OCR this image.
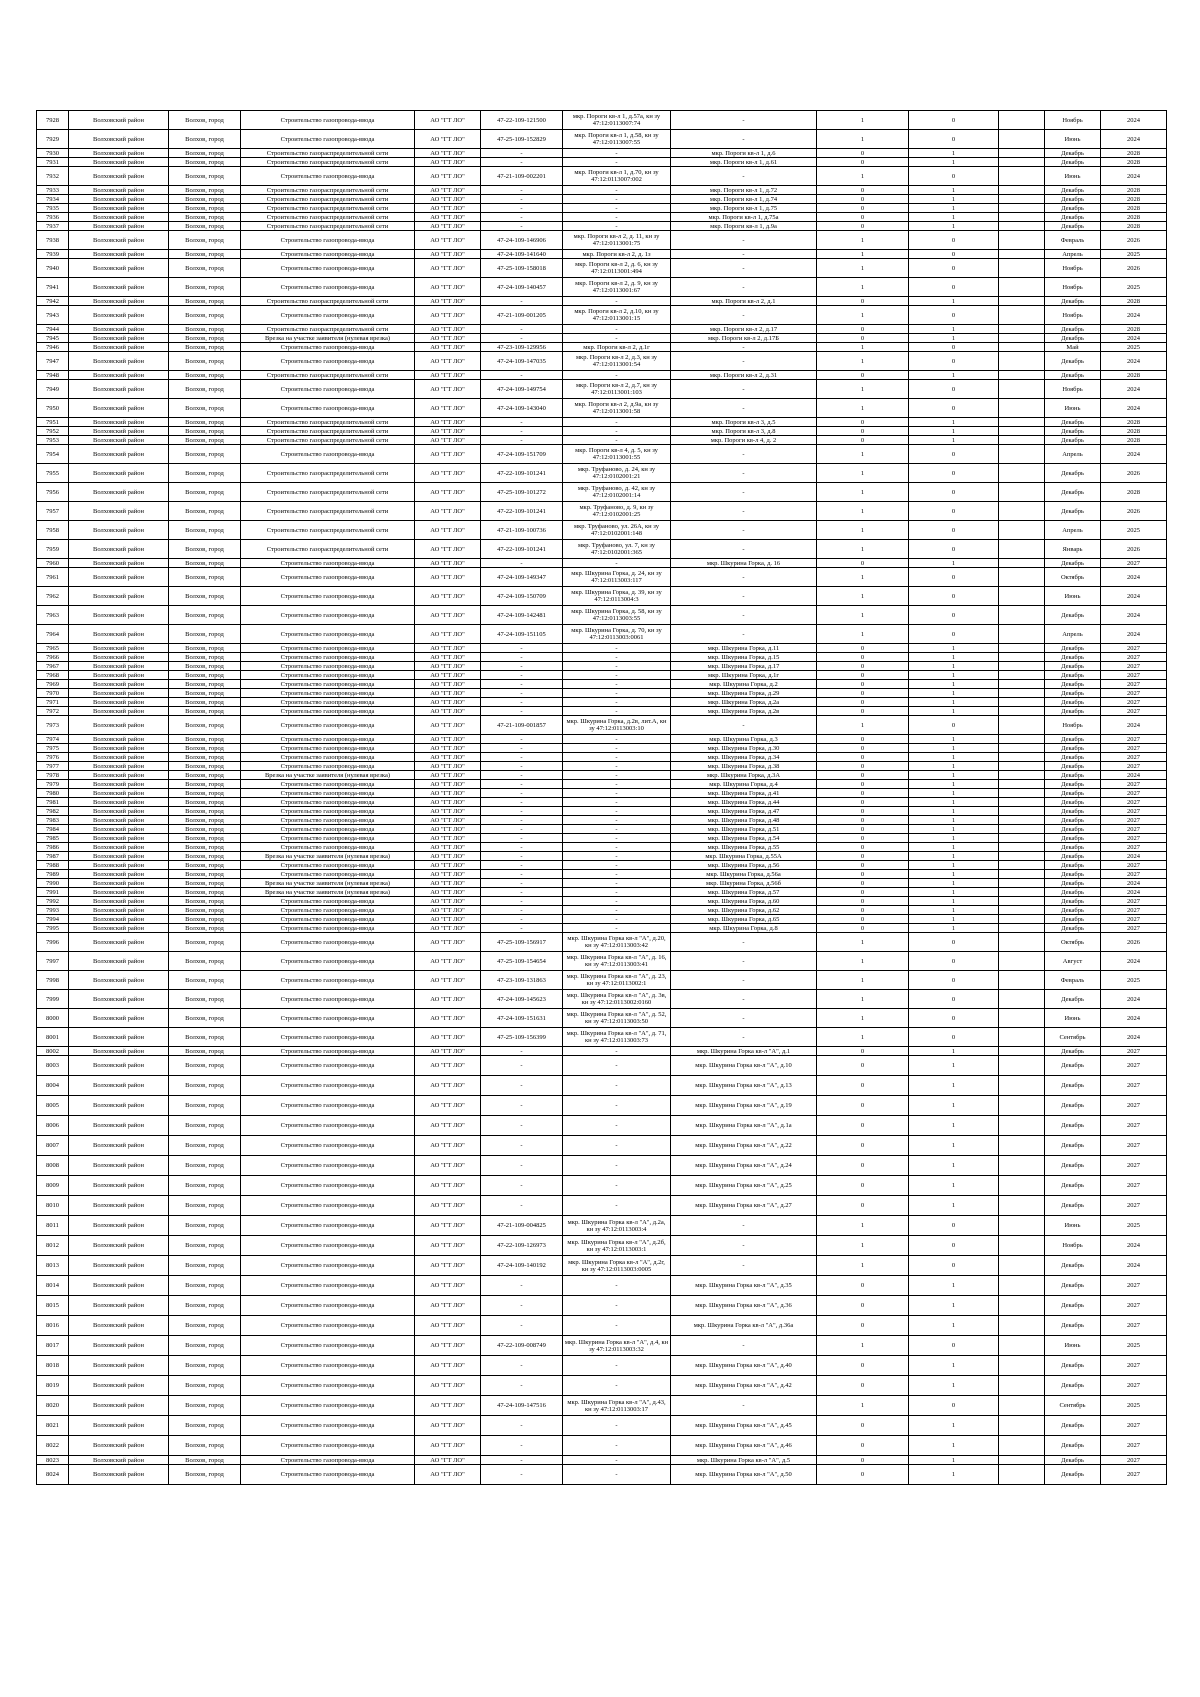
7928	Волховский район	Волхов, город	Строительство газопровода-ввода	АО "ГТ ЛО"	47-22-109-121500	мкр. Пороги кв-л 1, д.57а, кн зу 47:12:0113007:74	-	1	0		Ноябрь	2024
7929	Волховский район	Волхов, город	Строительство газопровода-ввода	АО "ГТ ЛО"	47-25-109-152829	мкр. Пороги кв-л 1, д.58, кн зу 47:12:0113007:55	-	1	0		Июнь	2024
7930	Волховский район	Волхов, город	Строительство газораспределительной сети	АО "ГТ ЛО"	-	-	мкр. Пороги кв-л 1, д.6	0	1		Декабрь	2028
7931	Волховский район	Волхов, город	Строительство газораспределительной сети	АО "ГТ ЛО"	-	-	мкр. Пороги кв-л 1, д.61	0	1		Декабрь	2028
7932	Волховский район	Волхов, город	Строительство газопровода-ввода	АО "ГТ ЛО"	47-21-109-002201	мкр. Пороги кв-л 1, д.70, кн зу 47:12:0113007:002	-	1	0		Июнь	2024
7933	Волховский район	Волхов, город	Строительство газораспределительной сети	АО "ГТ ЛО"	-	-	мкр. Пороги кв-л 1, д.72	0	1		Декабрь	2028
7934	Волховский район	Волхов, город	Строительство газораспределительной сети	АО "ГТ ЛО"	-	-	мкр. Пороги кв-л 1, д.74	0	1		Декабрь	2028
7935	Волховский район	Волхов, город	Строительство газораспределительной сети	АО "ГТ ЛО"	-	-	мкр. Пороги кв-л 1, д.75	0	1		Декабрь	2028
7936	Волховский район	Волхов, город	Строительство газораспределительной сети	АО "ГТ ЛО"	-	-	мкр. Пороги кв-л 1, д.75а	0	1		Декабрь	2028
7937	Волховский район	Волхов, город	Строительство газораспределительной сети	АО "ГТ ЛО"	-	-	мкр. Пороги кв-л 1, д.9а	0	1		Декабрь	2028
7938	Волховский район	Волхов, город	Строительство газопровода-ввода	АО "ГТ ЛО"	47-24-109-146906	мкр. Пороги кв-л 2, д. 11, кн зу 47:12:0113001:75	-	1	0		Февраль	2026
7939	Волховский район	Волхов, город	Строительство газопровода-ввода	АО "ГТ ЛО"	47-24-109-141640	мкр. Пороги кв-л 2, д. 1з	-	1	0		Апрель	2025
7940	Волховский район	Волхов, город	Строительство газопровода-ввода	АО "ГТ ЛО"	47-25-109-158018	мкр. Пороги кв-л 2, д. 6, кн зу 47:12:0113001:494	-	1	0		Ноябрь	2026
7941	Волховский район	Волхов, город	Строительство газопровода-ввода	АО "ГТ ЛО"	47-24-109-140457	мкр. Пороги кв-л 2, д. 9, кн зу 47:12:0113001:67	-	1	0		Ноябрь	2025
7942	Волховский район	Волхов, город	Строительство газораспределительной сети	АО "ГТ ЛО"	-	-	мкр. Пороги кв-л 2, д.1	0	1		Декабрь	2028
7943	Волховский район	Волхов, город	Строительство газопровода-ввода	АО "ГТ ЛО"	47-21-109-001205	мкр. Пороги кв-л 2, д.10, кн зу 47:12:0113001:15	-	1	0		Ноябрь	2024
7944	Волховский район	Волхов, город	Строительство газораспределительной сети	АО "ГТ ЛО"	-	-	мкр. Пороги кв-л 2, д.17	0	1		Декабрь	2028
7945	Волховский район	Волхов, город	Врезка на участке заявителя (нулевая врезка)	АО "ГТ ЛО"	-	-	мкр. Пороги кв-л 2, д.17Б	0	1		Декабрь	2024
7946	Волховский район	Волхов, город	Строительство газопровода-ввода	АО "ГТ ЛО"	47-23-109-129956	мкр. Пороги кв-л 2, д.1г	-	1	0		Май	2025
7947	Волховский район	Волхов, город	Строительство газопровода-ввода	АО "ГТ ЛО"	47-24-109-147035	мкр. Пороги кв-л 2, д.3, кн зу 47:12:0113001:54	-	1	0		Декабрь	2024
7948	Волховский район	Волхов, город	Строительство газораспределительной сети	АО "ГТ ЛО"	-	-	мкр. Пороги кв-л 2, д.31	0	1		Декабрь	2028
7949	Волховский район	Волхов, город	Строительство газопровода-ввода	АО "ГТ ЛО"	47-24-109-149754	мкр. Пороги кв-л 2, д.7, кн зу 47:12:0113001:103	-	1	0		Ноябрь	2024
7950	Волховский район	Волхов, город	Строительство газопровода-ввода	АО "ГТ ЛО"	47-24-109-143040	мкр. Пороги кв-л 2, д.9а, кн зу 47:12:0113001:58	-	1	0		Июнь	2024
7951	Волховский район	Волхов, город	Строительство газораспределительной сети	АО "ГТ ЛО"	-	-	мкр. Пороги кв-л 3, д.5	0	1		Декабрь	2028
7952	Волховский район	Волхов, город	Строительство газораспределительной сети	АО "ГТ ЛО"	-	-	мкр. Пороги кв-л 3, д.8	0	1		Декабрь	2028
7953	Волховский район	Волхов, город	Строительство газораспределительной сети	АО "ГТ ЛО"	-	-	мкр. Пороги кв-л 4, д. 2	0	1		Декабрь	2028
7954	Волховский район	Волхов, город	Строительство газопровода-ввода	АО "ГТ ЛО"	47-24-109-151709	мкр. Пороги кв-л 4, д. 5, кн зу 47:12:0113001:55	-	1	0		Апрель	2024
7955	Волховский район	Волхов, город	Строительство газораспределительной сети	АО "ГТ ЛО"	47-22-109-101241	мкр. Труфаново, д. 24, кн зу 47:12:0102001:21	-	1	0		Декабрь	2026
7956	Волховский район	Волхов, город	Строительство газораспределительной сети	АО "ГТ ЛО"	47-25-109-101272	мкр. Труфаново, д. 42, кн зу 47:12:0102001:14	-	1	0		Декабрь	2028
7957	Волховский район	Волхов, город	Строительство газораспределительной сети	АО "ГТ ЛО"	47-22-109-101241	мкр. Труфаново, д. 9, кн зу 47:12:0102001:25	-	1	0		Декабрь	2026
7958	Волховский район	Волхов, город	Строительство газораспределительной сети	АО "ГТ ЛО"	47-21-109-100736	мкр. Труфаново, ул. 26А, кн зу 47:12:0102001:148	-	1	0		Апрель	2025
7959	Волховский район	Волхов, город	Строительство газораспределительной сети	АО "ГТ ЛО"	47-22-109-101241	мкр. Труфаново, ул. 7, кн зу 47:12:0102001:365	-	1	0		Январь	2026
7960	Волховский район	Волхов, город	Строительство газопровода-ввода	АО "ГТ ЛО"	-	-	мкр. Шкурина Горка, д. 16	0	1		Декабрь	2027
7961	Волховский район	Волхов, город	Строительство газопровода-ввода	АО "ГТ ЛО"	47-24-109-149347	мкр. Шкурина Горка, д. 24, кн зу 47:12:0113003:117	-	1	0		Октябрь	2024
7962	Волховский район	Волхов, город	Строительство газопровода-ввода	АО "ГТ ЛО"	47-24-109-150709	мкр. Шкурина Горка, д. 39, кн зу 47:12:0113004:3	-	1	0		Июнь	2024
7963	Волховский район	Волхов, город	Строительство газопровода-ввода	АО "ГТ ЛО"	47-24-109-142481	мкр. Шкурина Горка, д. 58, кн зу 47:12:0113003:55	-	1	0		Декабрь	2024
7964	Волховский район	Волхов, город	Строительство газопровода-ввода	АО "ГТ ЛО"	47-24-109-151105	мкр. Шкурина Горка, д. 70, кн зу 47:12:0113003:0061	-	1	0		Апрель	2024
7965	Волховский район	Волхов, город	Строительство газопровода-ввода	АО "ГТ ЛО"	-	-	мкр. Шкурина Горка, д.11	0	1		Декабрь	2027
7966	Волховский район	Волхов, город	Строительство газопровода-ввода	АО "ГТ ЛО"	-	-	мкр. Шкурина Горка, д.15	0	1		Декабрь	2027
7967	Волховский район	Волхов, город	Строительство газопровода-ввода	АО "ГТ ЛО"	-	-	мкр. Шкурина Горка, д.17	0	1		Декабрь	2027
7968	Волховский район	Волхов, город	Строительство газопровода-ввода	АО "ГТ ЛО"	-	-	мкр. Шкурина Горка, д.1г	0	1		Декабрь	2027
7969	Волховский район	Волхов, город	Строительство газопровода-ввода	АО "ГТ ЛО"	-	-	мкр. Шкурина Горка, д.2	0	1		Декабрь	2027
7970	Волховский район	Волхов, город	Строительство газопровода-ввода	АО "ГТ ЛО"	-	-	мкр. Шкурина Горка, д.29	0	1		Декабрь	2027
7971	Волховский район	Волхов, город	Строительство газопровода-ввода	АО "ГТ ЛО"	-	-	мкр. Шкурина Горка, д.2а	0	1		Декабрь	2027
7972	Волховский район	Волхов, город	Строительство газопровода-ввода	АО "ГТ ЛО"	-	-	мкр. Шкурина Горка, д.2в	0	1		Декабрь	2027
7973	Волховский район	Волхов, город	Строительство газопровода-ввода	АО "ГТ ЛО"	47-21-109-001857	мкр. Шкурина Горка, д.2в, лит.А, кн зу 47:12:0113003:10	-	1	0		Ноябрь	2024
7974	Волховский район	Волхов, город	Строительство газопровода-ввода	АО "ГТ ЛО"	-	-	мкр. Шкурина Горка, д.3	0	1		Декабрь	2027
7975	Волховский район	Волхов, город	Строительство газопровода-ввода	АО "ГТ ЛО"	-	-	мкр. Шкурина Горка, д.30	0	1		Декабрь	2027
7976	Волховский район	Волхов, город	Строительство газопровода-ввода	АО "ГТ ЛО"	-	-	мкр. Шкурина Горка, д.34	0	1		Декабрь	2027
7977	Волховский район	Волхов, город	Строительство газопровода-ввода	АО "ГТ ЛО"	-	-	мкр. Шкурина Горка, д.38	0	1		Декабрь	2027
7978	Волховский район	Волхов, город	Врезка на участке заявителя (нулевая врезка)	АО "ГТ ЛО"	-	-	мкр. Шкурина Горка, д.3А	0	1		Декабрь	2024
7979	Волховский район	Волхов, город	Строительство газопровода-ввода	АО "ГТ ЛО"	-	-	мкр. Шкурина Горка, д.4	0	1		Декабрь	2027
7980	Волховский район	Волхов, город	Строительство газопровода-ввода	АО "ГТ ЛО"	-	-	мкр. Шкурина Горка, д.41	0	1		Декабрь	2027
7981	Волховский район	Волхов, город	Строительство газопровода-ввода	АО "ГТ ЛО"	-	-	мкр. Шкурина Горка, д.44	0	1		Декабрь	2027
7982	Волховский район	Волхов, город	Строительство газопровода-ввода	АО "ГТ ЛО"	-	-	мкр. Шкурина Горка, д.47	0	1		Декабрь	2027
7983	Волховский район	Волхов, город	Строительство газопровода-ввода	АО "ГТ ЛО"	-	-	мкр. Шкурина Горка, д.48	0	1		Декабрь	2027
7984	Волховский район	Волхов, город	Строительство газопровода-ввода	АО "ГТ ЛО"	-	-	мкр. Шкурина Горка, д.51	0	1		Декабрь	2027
7985	Волховский район	Волхов, город	Строительство газопровода-ввода	АО "ГТ ЛО"	-	-	мкр. Шкурина Горка, д.54	0	1		Декабрь	2027
7986	Волховский район	Волхов, город	Строительство газопровода-ввода	АО "ГТ ЛО"	-	-	мкр. Шкурина Горка, д.55	0	1		Декабрь	2027
7987	Волховский район	Волхов, город	Врезка на участке заявителя (нулевая врезка)	АО "ГТ ЛО"	-	-	мкр. Шкурина Горка, д.55А	0	1		Декабрь	2024
7988	Волховский район	Волхов, город	Строительство газопровода-ввода	АО "ГТ ЛО"	-	-	мкр. Шкурина Горка, д.56	0	1		Декабрь	2027
7989	Волховский район	Волхов, город	Строительство газопровода-ввода	АО "ГТ ЛО"	-	-	мкр. Шкурина Горка, д.56а	0	1		Декабрь	2027
7990	Волховский район	Волхов, город	Врезка на участке заявителя (нулевая врезка)	АО "ГТ ЛО"	-	-	мкр. Шкурина Горка, д.56б	0	1		Декабрь	2024
7991	Волховский район	Волхов, город	Врезка на участке заявителя (нулевая врезка)	АО "ГТ ЛО"	-	-	мкр. Шкурина Горка, д.57	0	1		Декабрь	2024
7992	Волховский район	Волхов, город	Строительство газопровода-ввода	АО "ГТ ЛО"	-	-	мкр. Шкурина Горка, д.60	0	1		Декабрь	2027
7993	Волховский район	Волхов, город	Строительство газопровода-ввода	АО "ГТ ЛО"	-	-	мкр. Шкурина Горка, д.62	0	1		Декабрь	2027
7994	Волховский район	Волхов, город	Строительство газопровода-ввода	АО "ГТ ЛО"	-	-	мкр. Шкурина Горка, д.65	0	1		Декабрь	2027
7995	Волховский район	Волхов, город	Строительство газопровода-ввода	АО "ГТ ЛО"	-	-	мкр. Шкурина Горка, д.8	0	1		Декабрь	2027
7996	Волховский район	Волхов, город	Строительство газопровода-ввода	АО "ГТ ЛО"	47-25-109-156917	мкр. Шкурина Горка кв-л "А", д.20, кн зу 47:12:0113003:42	-	1	0		Октябрь	2026
7997	Волховский район	Волхов, город	Строительство газопровода-ввода	АО "ГТ ЛО"	47-25-109-154654	мкр. Шкурина Горка кв-л "А", д. 16, кн зу 47:12:0113003:41	-	1	0		Август	2024
7998	Волховский район	Волхов, город	Строительство газопровода-ввода	АО "ГТ ЛО"	47-23-109-131863	мкр. Шкурина Горка кв-л "А", д. 23, кн зу 47:12:0113002:1	-	1	0		Февраль	2025
7999	Волховский район	Волхов, город	Строительство газопровода-ввода	АО "ГТ ЛО"	47-24-109-145623	мкр. Шкурина Горка кв-л "А", д. 3в, кн зу 47:12:0113002:0160	-	1	0		Декабрь	2024
8000	Волховский район	Волхов, город	Строительство газопровода-ввода	АО "ГТ ЛО"	47-24-109-151631	мкр. Шкурина Горка кв-л "А", д. 52, кн зу 47:12:0113003:50	-	1	0		Июнь	2024
8001	Волховский район	Волхов, город	Строительство газопровода-ввода	АО "ГТ ЛО"	47-25-109-156399	мкр. Шкурина Горка кв-л "А", д. 71, кн зу 47:12:0113003:73	-	1	0		Сентябрь	2024
8002	Волховский район	Волхов, город	Строительство газопровода-ввода	АО "ГТ ЛО"	-	-	мкр. Шкурина Горка кв-л "А", д.1	0	1		Декабрь	2027
8003	Волховский район	Волхов, город	Строительство газопровода-ввода	АО "ГТ ЛО"	-	-	мкр. Шкурина Горка кв-л "А", д.10	0	1		Декабрь	2027
8004	Волховский район	Волхов, город	Строительство газопровода-ввода	АО "ГТ ЛО"	-	-	мкр. Шкурина Горка кв-л "А", д.13	0	1		Декабрь	2027
8005	Волховский район	Волхов, город	Строительство газопровода-ввода	АО "ГТ ЛО"	-	-	мкр. Шкурина Горка кв-л "А", д.19	0	1		Декабрь	2027
8006	Волховский район	Волхов, город	Строительство газопровода-ввода	АО "ГТ ЛО"	-	-	мкр. Шкурина Горка кв-л "А", д.1а	0	1		Декабрь	2027
8007	Волховский район	Волхов, город	Строительство газопровода-ввода	АО "ГТ ЛО"	-	-	мкр. Шкурина Горка кв-л "А", д.22	0	1		Декабрь	2027
8008	Волховский район	Волхов, город	Строительство газопровода-ввода	АО "ГТ ЛО"	-	-	мкр. Шкурина Горка кв-л "А", д.24	0	1		Декабрь	2027
8009	Волховский район	Волхов, город	Строительство газопровода-ввода	АО "ГТ ЛО"	-	-	мкр. Шкурина Горка кв-л "А", д.25	0	1		Декабрь	2027
8010	Волховский район	Волхов, город	Строительство газопровода-ввода	АО "ГТ ЛО"	-	-	мкр. Шкурина Горка кв-л "А", д.27	0	1		Декабрь	2027
8011	Волховский район	Волхов, город	Строительство газопровода-ввода	АО "ГТ ЛО"	47-21-109-004825	мкр. Шкурина Горка кв-л "А", д.2а, кн зу 47:12:0113003:4	-	1	0		Июнь	2025
8012	Волховский район	Волхов, город	Строительство газопровода-ввода	АО "ГТ ЛО"	47-22-109-126973	мкр. Шкурина Горка кв-л "А", д.2б, кн зу 47:12:0113003:1	-	1	0		Ноябрь	2024
8013	Волховский район	Волхов, город	Строительство газопровода-ввода	АО "ГТ ЛО"	47-24-109-140192	мкр. Шкурина Горка кв-л "А", д.2г, кн зу 47:12:0113003:0005	-	1	0		Декабрь	2024
8014	Волховский район	Волхов, город	Строительство газопровода-ввода	АО "ГТ ЛО"	-	-	мкр. Шкурина Горка кв-л "А", д.35	0	1		Декабрь	2027
8015	Волховский район	Волхов, город	Строительство газопровода-ввода	АО "ГТ ЛО"	-	-	мкр. Шкурина Горка кв-л "А", д.36	0	1		Декабрь	2027
8016	Волховский район	Волхов, город	Строительство газопровода-ввода	АО "ГТ ЛО"	-	-	мкр. Шкурина Горка кв-л "А", д.36а	0	1		Декабрь	2027
8017	Волховский район	Волхов, город	Строительство газопровода-ввода	АО "ГТ ЛО"	47-22-109-008749	мкр. Шкурина Горка кв-л "А", д.4, кн зу 47:12:0113003:32	-	1	0		Июнь	2025
8018	Волховский район	Волхов, город	Строительство газопровода-ввода	АО "ГТ ЛО"	-	-	мкр. Шкурина Горка кв-л "А", д.40	0	1		Декабрь	2027
8019	Волховский район	Волхов, город	Строительство газопровода-ввода	АО "ГТ ЛО"	-	-	мкр. Шкурина Горка кв-л "А", д.42	0	1		Декабрь	2027
8020	Волховский район	Волхов, город	Строительство газопровода-ввода	АО "ГТ ЛО"	47-24-109-147516	мкр. Шкурина Горка кв-л "А", д.43, кн зу 47:12:0113003:17	-	1	0		Сентябрь	2025
8021	Волховский район	Волхов, город	Строительство газопровода-ввода	АО "ГТ ЛО"	-	-	мкр. Шкурина Горка кв-л "А", д.45	0	1		Декабрь	2027
8022	Волховский район	Волхов, город	Строительство газопровода-ввода	АО "ГТ ЛО"	-	-	мкр. Шкурина Горка кв-л "А", д.46	0	1		Декабрь	2027
8023	Волховский район	Волхов, город	Строительство газопровода-ввода	АО "ГТ ЛО"	-	-	мкр. Шкурина Горка кв-л "А", д.5	0	1		Декабрь	2027
8024	Волховский район	Волхов, город	Строительство газопровода-ввода	АО "ГТ ЛО"	-	-	мкр. Шкурина Горка кв-л "А", д.50	0	1		Декабрь	2027
